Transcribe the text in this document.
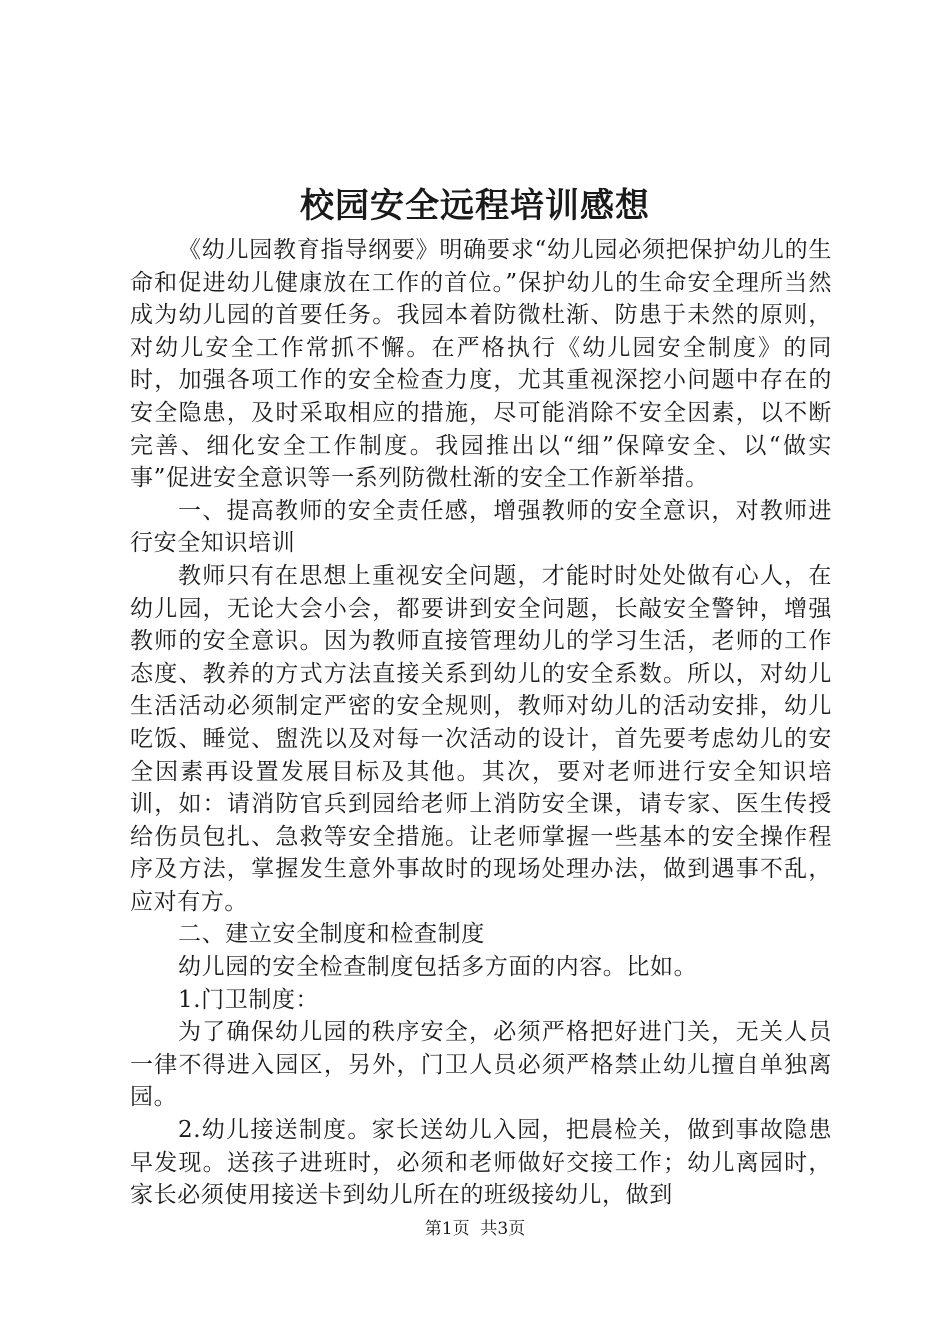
校园安全远程培训感想

《幼儿园教育指导纲要》明确要求“幼儿园必须把保护幼儿的生命和促进幼儿健康放在工作的首位。”保护幼儿的生命安全理所当然成为幼儿园的首要任务。我园本着防微杜渐、防患于未然的原则，对幼儿安全工作常抓不懈。在严格执行《幼儿园安全制度》的同时，加强各项工作的安全检查力度，尤其重视深挖小问题中存在的安全隐患，及时采取相应的措施，尽可能消除不安全因素，以不断完善、细化安全工作制度。我园推出以“细”保障安全、以“做实事”促进安全意识等一系列防微杜渐的安全工作新举措。

一、提高教师的安全责任感，增强教师的安全意识，对教师进行安全知识培训

教师只有在思想上重视安全问题，才能时时处处做有心人，在幼儿园，无论大会小会，都要讲到安全问题，长敲安全警钟，增强教师的安全意识。因为教师直接管理幼儿的学习生活，老师的工作态度、教养的方式方法直接关系到幼儿的安全系数。所以，对幼儿生活活动必须制定严密的安全规则，教师对幼儿的活动安排，幼儿吃饭、睡觉、盥洗以及对每一次活动的设计，首先要考虑幼儿的安全因素再设置发展目标及其他。其次，要对老师进行安全知识培训，如：请消防官兵到园给老师上消防安全课，请专家、医生传授给伤员包扎、急救等安全措施。让老师掌握一些基本的安全操作程序及方法，掌握发生意外事故时的现场处理办法，做到遇事不乱，应对有方。

二、建立安全制度和检查制度

幼儿园的安全检查制度包括多方面的内容。比如。

1.门卫制度：

为了确保幼儿园的秩序安全，必须严格把好进门关，无关人员一律不得进入园区，另外，门卫人员必须严格禁止幼儿擅自单独离园。

2.幼儿接送制度。家长送幼儿入园，把晨检关，做到事故隐患早发现。送孩子进班时，必须和老师做好交接工作；幼儿离园时，家长必须使用接送卡到幼儿所在的班级接幼儿，做到

第1页  共3页
